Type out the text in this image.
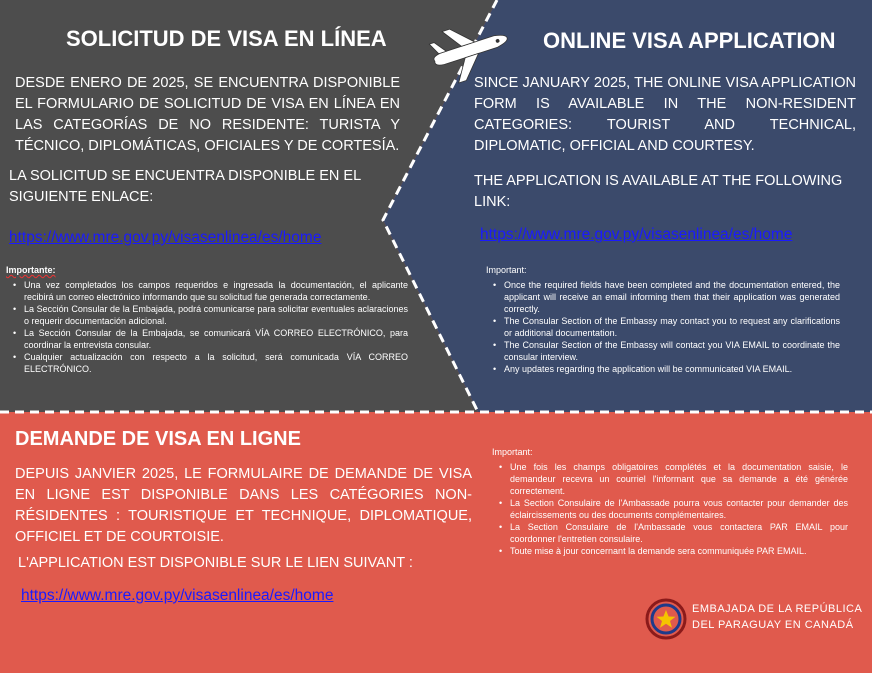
SOLICITUD DE VISA EN LÍNEA
DESDE ENERO DE 2025, SE ENCUENTRA DISPONIBLE EL FORMULARIO DE SOLICITUD DE VISA EN LÍNEA EN LAS CATEGORÍAS DE NO RESIDENTE: TURISTA Y TÉCNICO, DIPLOMÁTICAS, OFICIALES Y DE CORTESÍA.
LA SOLICITUD SE ENCUENTRA DISPONIBLE EN EL SIGUIENTE ENLACE:
https://www.mre.gov.py/visasenlinea/es/home
Importante:
• Una vez completados los campos requeridos e ingresada la documentación, el aplicante recibirá un correo electrónico informando que su solicitud fue generada correctamente.
• La Sección Consular de la Embajada, podrá comunicarse para solicitar eventuales aclaraciones o requerir documentación adicional.
• La Sección Consular de la Embajada, se comunicará VÍA CORREO ELECTRÓNICO, para coordinar la entrevista consular.
• Cualquier actualización con respecto a la solicitud, será comunicada VÍA CORREO ELECTRÓNICO.
ONLINE VISA APPLICATION
SINCE JANUARY 2025, THE ONLINE VISA APPLICATION FORM IS AVAILABLE IN THE NON-RESIDENT CATEGORIES: TOURIST AND TECHNICAL, DIPLOMATIC, OFFICIAL AND COURTESY.
THE APPLICATION IS AVAILABLE AT THE FOLLOWING LINK:
https://www.mre.gov.py/visasenlinea/es/home
Important:
• Once the required fields have been completed and the documentation entered, the applicant will receive an email informing them that their application was generated correctly.
• The Consular Section of the Embassy may contact you to request any clarifications or additional documentation.
• The Consular Section of the Embassy will contact you VIA EMAIL to coordinate the consular interview.
• Any updates regarding the application will be communicated VIA EMAIL.
DEMANDE DE VISA EN LIGNE
DEPUIS JANVIER 2025, LE FORMULAIRE DE DEMANDE DE VISA EN LIGNE EST DISPONIBLE DANS LES CATÉGORIES NON-RÉSIDENTES : TOURISTIQUE ET TECHNIQUE, DIPLOMATIQUE, OFFICIEL ET DE COURTOISIE.
L'APPLICATION EST DISPONIBLE SUR LE LIEN SUIVANT :
https://www.mre.gov.py/visasenlinea/es/home
Important:
• Une fois les champs obligatoires complétés et la documentation saisie, le demandeur recevra un courriel l'informant que sa demande a été générée correctement.
• La Section Consulaire de l'Ambassade pourra vous contacter pour demander des éclaircissements ou des documents complémentaires.
• La Section Consulaire de l'Ambassade vous contactera PAR EMAIL pour coordonner l'entretien consulaire.
• Toute mise à jour concernant la demande sera communiquée PAR EMAIL.
EMBAJADA DE LA REPÚBLICA
DEL PARAGUAY EN CANADÁ
